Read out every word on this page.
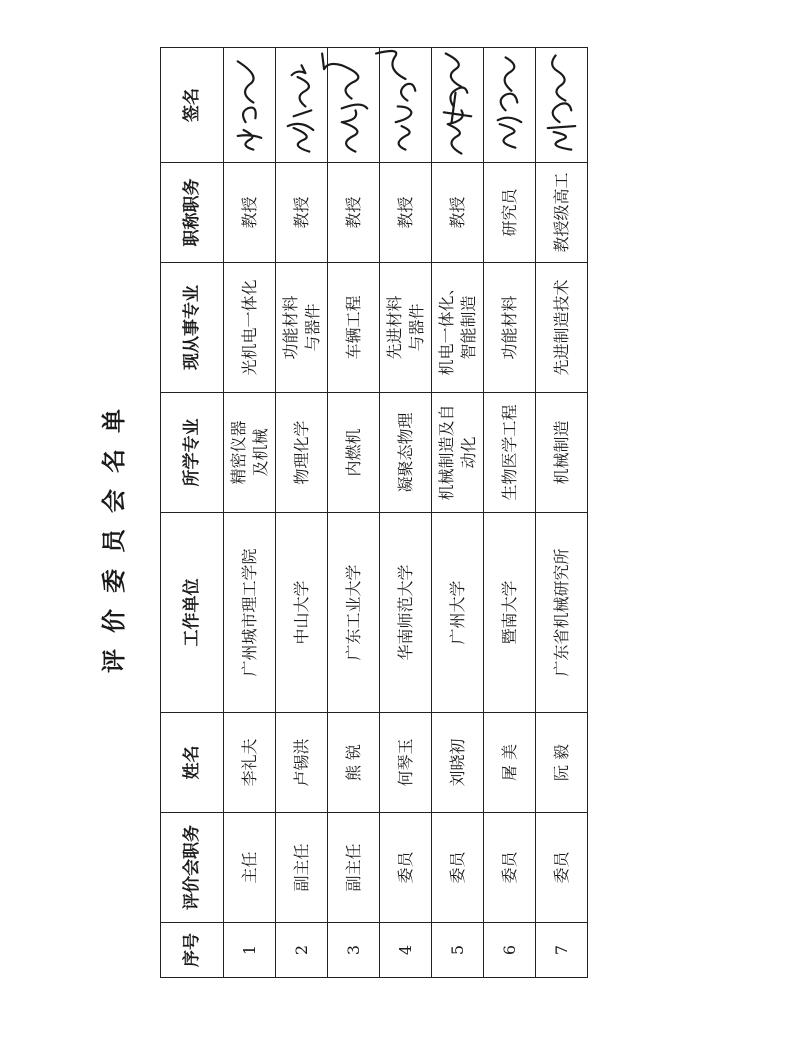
评价委员会名单
序号	评价会职务	姓名	工作单位	所学专业	现从事专业	职称职务	签名
1	主任	李礼夫	广州城市理工学院	精密仪器
及机械	光机电一体化	教授	

2	副主任	卢锡洪	中山大学	物理化学	功能材料
与器件	教授	

3	副主任	熊 锐	广东工业大学	内燃机	车辆工程	教授	

4	委员	何琴玉	华南师范大学	凝聚态物理	先进材料
与器件	教授	

5	委员	刘晓初	广州大学	机械制造及自
动化	机电一体化、
智能制造	教授	

6	委员	屠 美	暨南大学	生物医学工程	功能材料	研究员	

7	委员	阮 毅	广东省机械研究所	机械制造	先进制造技术	教授级高工	
